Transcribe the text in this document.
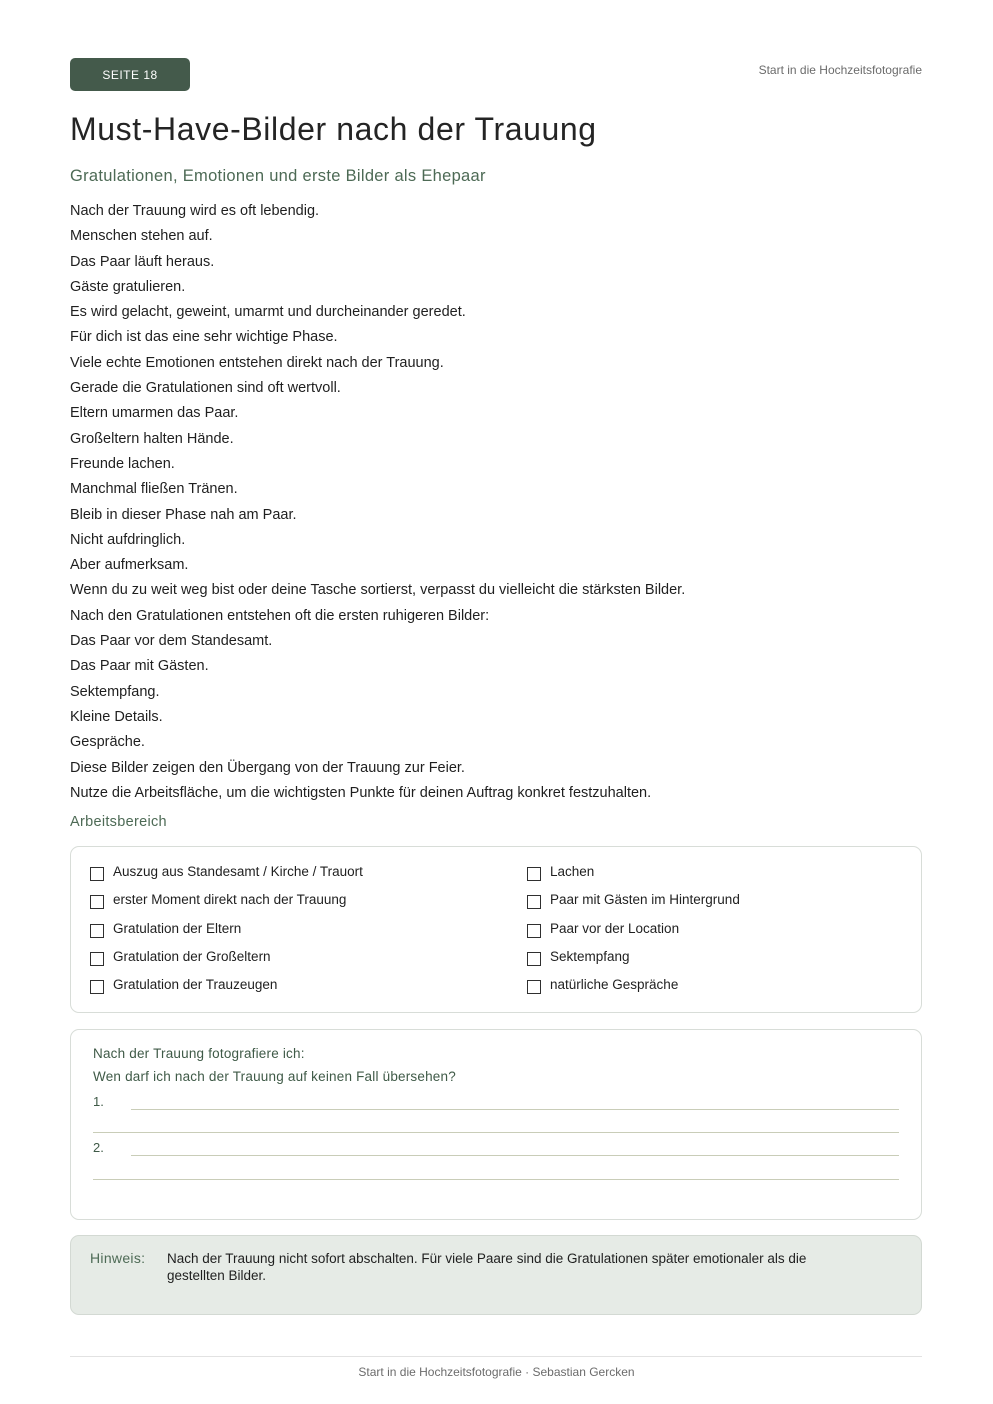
SEITE 18	Start in die Hochzeitsfotografie
Must-Have-Bilder nach der Trauung
Gratulationen, Emotionen und erste Bilder als Ehepaar
Nach der Trauung wird es oft lebendig.
Menschen stehen auf.
Das Paar läuft heraus.
Gäste gratulieren.
Es wird gelacht, geweint, umarmt und durcheinander geredet.
Für dich ist das eine sehr wichtige Phase.
Viele echte Emotionen entstehen direkt nach der Trauung.
Gerade die Gratulationen sind oft wertvoll.
Eltern umarmen das Paar.
Großeltern halten Hände.
Freunde lachen.
Manchmal fließen Tränen.
Bleib in dieser Phase nah am Paar.
Nicht aufdringlich.
Aber aufmerksam.
Wenn du zu weit weg bist oder deine Tasche sortierst, verpasst du vielleicht die stärksten Bilder.
Nach den Gratulationen entstehen oft die ersten ruhigeren Bilder:
Das Paar vor dem Standesamt.
Das Paar mit Gästen.
Sektempfang.
Kleine Details.
Gespräche.
Diese Bilder zeigen den Übergang von der Trauung zur Feier.
Nutze die Arbeitsfläche, um die wichtigsten Punkte für deinen Auftrag konkret festzuhalten.
Arbeitsbereich
Auszug aus Standesamt / Kirche / Trauort
erster Moment direkt nach der Trauung
Gratulation der Eltern
Gratulation der Großeltern
Gratulation der Trauzeugen
Lachen
Paar mit Gästen im Hintergrund
Paar vor der Location
Sektempfang
natürliche Gespräche
Nach der Trauung fotografiere ich:
Wen darf ich nach der Trauung auf keinen Fall übersehen?
1.
2.
Hinweis: Nach der Trauung nicht sofort abschalten. Für viele Paare sind die Gratulationen später emotionaler als die gestellten Bilder.
Start in die Hochzeitsfotografie · Sebastian Gercken
